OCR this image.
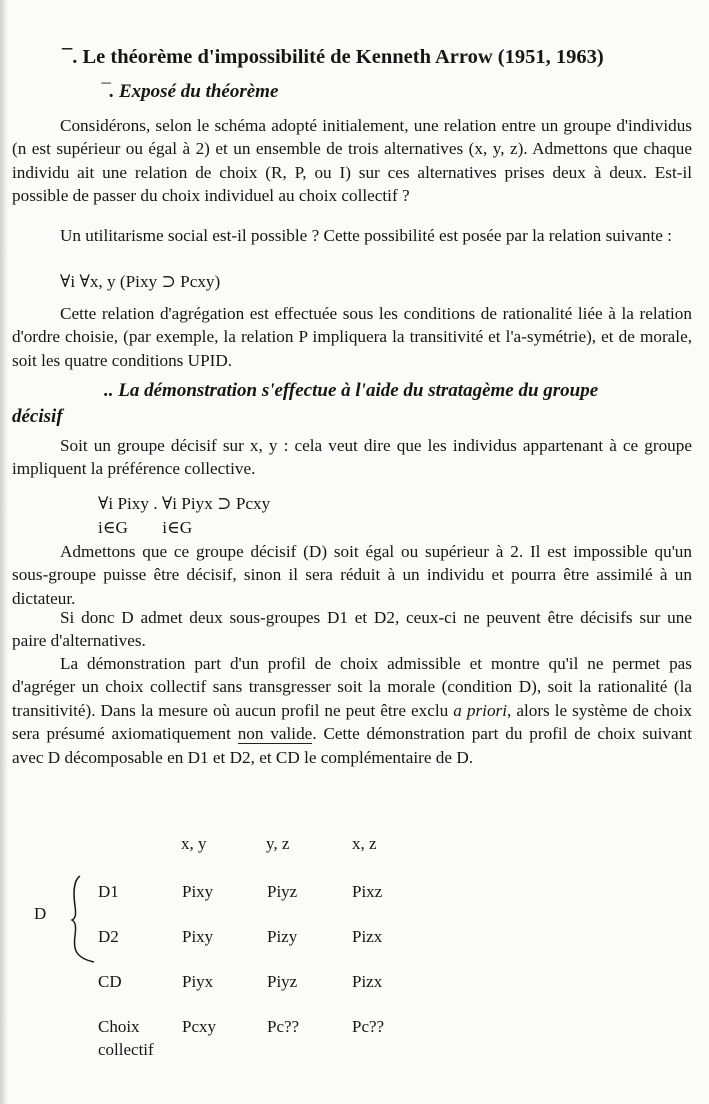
¯. Le théorème d'impossibilité de Kenneth Arrow (1951, 1963)
¯. Exposé du théorème

Considérons, selon le schéma adopté initialement, une relation entre un groupe d'individus (n est supérieur ou égal à 2) et un ensemble de trois alternatives (x, y, z). Admettons que chaque individu ait une relation de choix (R, P, ou I) sur ces alternatives prises deux à deux. Est-il possible de passer du choix individuel au choix collectif ?

Un utilitarisme social est-il possible ? Cette possibilité est posée par la relation suivante :

∀i ∀x, y (Pixy ⊃ Pcxy)

Cette relation d'agrégation est effectuée sous les conditions de rationalité liée à la relation d'ordre choisie, (par exemple, la relation P impliquera la transitivité et l'a-symétrie), et de morale, soit les quatre conditions UPID.

.. La démonstration s'effectue à l'aide du stratagème du groupe
décisif

Soit un groupe décisif sur x, y : cela veut dire que les individus appartenant à ce groupe impliquent la préférence collective.

∀i Pixy . ∀i Piyx ⊃ Pcxy
i∈G        i∈G

Admettons que ce groupe décisif (D) soit égal ou supérieur à 2. Il est impossible qu'un sous-groupe puisse être décisif, sinon il sera réduit à un individu et pourra être assimilé à un dictateur.

Si donc D admet deux sous-groupes D1 et D2, ceux-ci ne peuvent être décisifs sur une paire d'alternatives.

La démonstration part d'un profil de choix admissible et montre qu'il ne permet pas d'agréger un choix collectif sans transgresser soit la morale (condition D), soit la rationalité (la transitivité). Dans la mesure où aucun profil ne peut être exclu a priori, alors le système de choix sera présumé axiomatiquement non valide. Cette démonstration part du profil de choix suivant avec D décomposable en D1 et D2, et CD le complémentaire de D.

x, y	y, z	x, z
D
D1	Pixy	Piyz	Pixz
D2	Pixy	Pizy	Pizx
CD	Piyx	Piyz	Pizx
Choix
collectif
Pcxy	Pc??	Pc??
